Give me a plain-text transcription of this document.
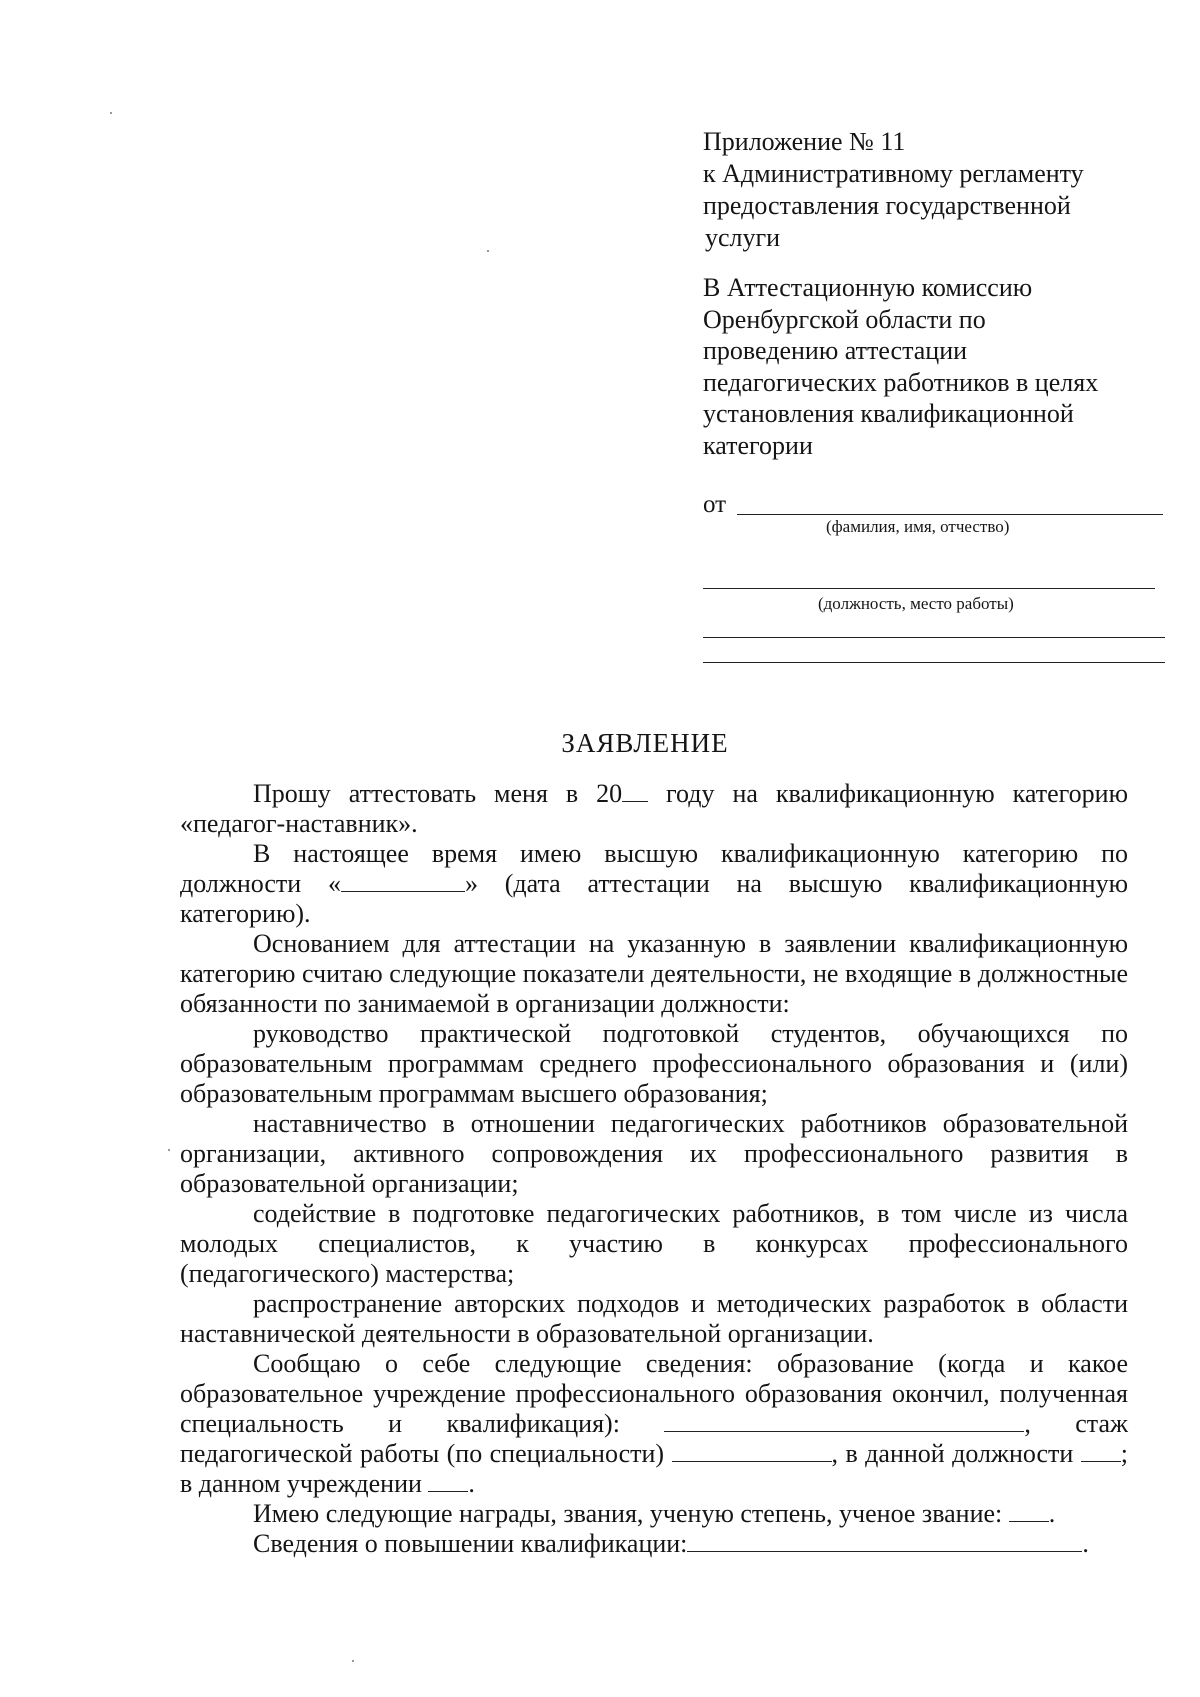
Приложение № 11
к Административному регламенту
предоставления государственной
услуги
В Аттестационную комиссию
Оренбургской области по
проведению аттестации
педагогических работников в целях
установления квалификационной
категории
от
(фамилия, имя, отчество)
(должность, место работы)
ЗАЯВЛЕНИЕ

Прошу аттестовать меня в 20 году на квалификационную категорию «педагог-наставник».

В настоящее время имею высшую квалификационную категорию по должности «	» (дата аттестации на высшую квалификационную категорию).

Основанием для аттестации на указанную в заявлении квалификационную категорию считаю следующие показатели деятельности, не входящие в должностные обязанности по занимаемой в организации должности:

руководство практической подготовкой студентов, обучающихся по образовательным программам среднего профессионального образования и (или) образовательным программам высшего образования;

наставничество в отношении педагогических работников образовательной организации, активного сопровождения их профессионального развития в образовательной организации;

содействие в подготовке педагогических работников, в том числе из числа молодых специалистов, к участию в конкурсах профессионального (педагогического) мастерства;

распространение авторских подходов и методических разработок в области наставнической деятельности в образовательной организации.

Сообщаю о себе следующие сведения: образование (когда и какое образовательное учреждение профессионального образования окончил, полученная специальность и квалификация):	, стаж педагогической работы (по специальности)	, в данной должности ; в данном учреждении .

Имею следующие награды, звания, ученую степень, ученое звание: .

Сведения о повышении квалификации:	.
